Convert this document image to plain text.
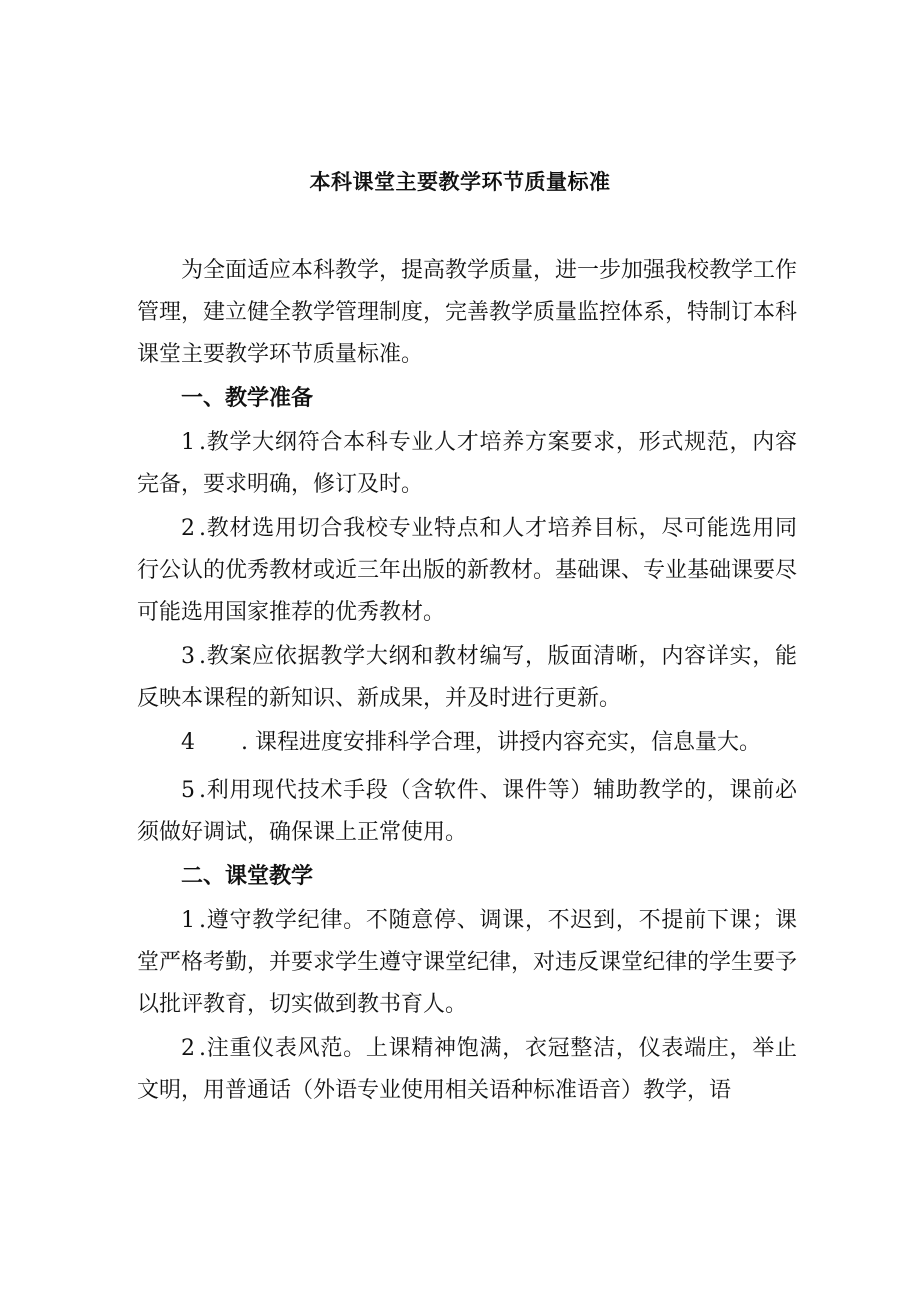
本科课堂主要教学环节质量标准

为全面适应本科教学，提高教学质量，进一步加强我校教学工作管理，建立健全教学管理制度，完善教学质量监控体系，特制订本科课堂主要教学环节质量标准。

一、教学准备

1 .教学大纲符合本科专业人才培养方案要求，形式规范，内容完备，要求明确，修订及时。

2 .教材选用切合我校专业特点和人才培养目标，尽可能选用同行公认的优秀教材或近三年出版的新教材。基础课、专业基础课要尽可能选用国家推荐的优秀教材。

3 .教案应依据教学大纲和教材编写，版面清晰，内容详实，能反映本课程的新知识、新成果，并及时进行更新。

4 . 课程进度安排科学合理，讲授内容充实，信息量大。

5 .利用现代技术手段（含软件、课件等）辅助教学的，课前必须做好调试，确保课上正常使用。

二、课堂教学

1 .遵守教学纪律。不随意停、调课，不迟到，不提前下课；课堂严格考勤，并要求学生遵守课堂纪律，对违反课堂纪律的学生要予以批评教育，切实做到教书育人。

2 .注重仪表风范。上课精神饱满，衣冠整洁，仪表端庄，举止文明，用普通话（外语专业使用相关语种标准语音）教学，语
